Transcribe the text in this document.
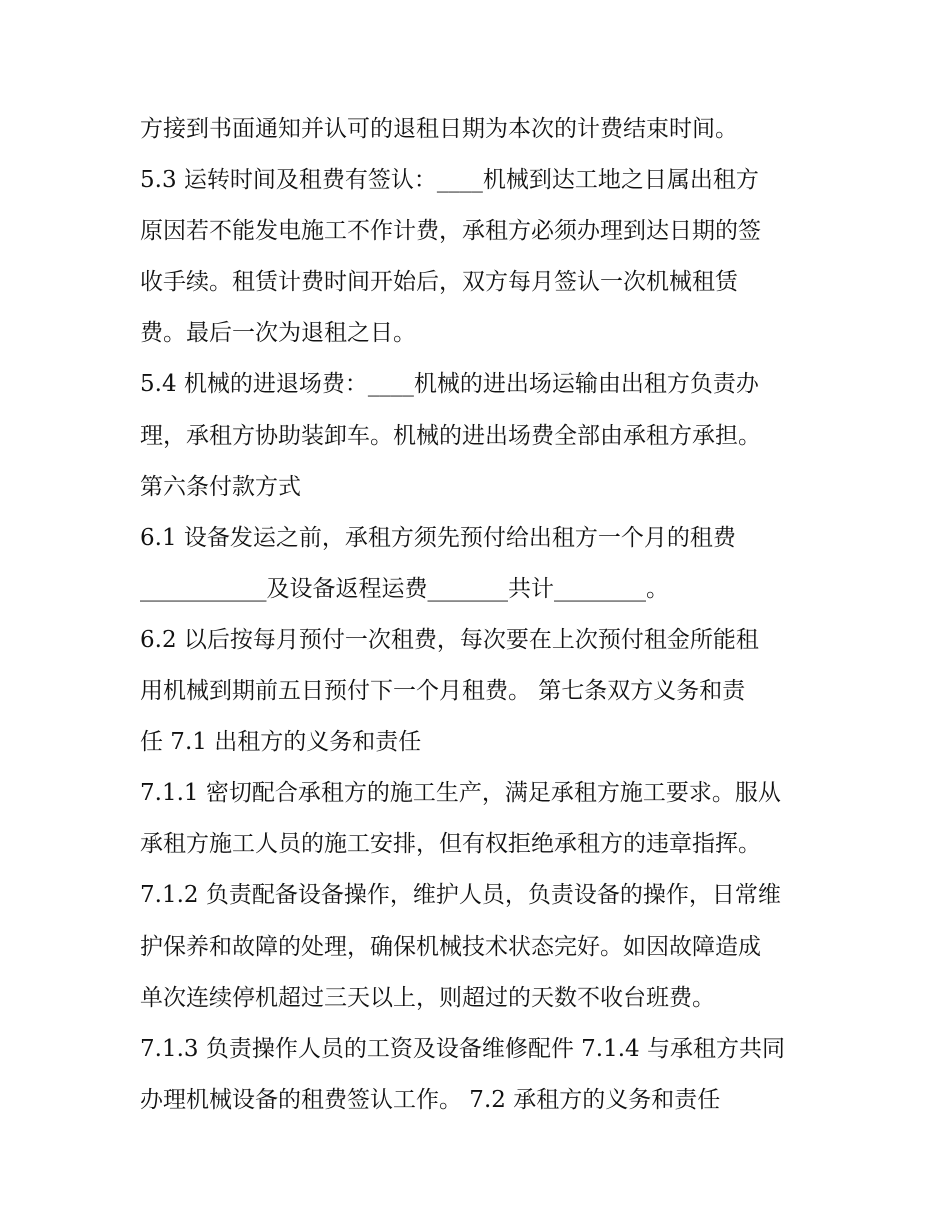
方接到书面通知并认可的退租日期为本次的计费结束时间。
5.3 运转时间及租费有签认：____机械到达工地之日属出租方
原因若不能发电施工不作计费，承租方必须办理到达日期的签
收手续。租赁计费时间开始后，双方每月签认一次机械租赁
费。最后一次为退租之日。
5.4 机械的进退场费：____机械的进出场运输由出租方负责办
理，承租方协助装卸车。机械的进出场费全部由承租方承担。
第六条付款方式
6.1 设备发运之前，承租方须先预付给出租方一个月的租费
___________及设备返程运费_______共计________。
6.2 以后按每月预付一次租费，每次要在上次预付租金所能租
用机械到期前五日预付下一个月租费。 第七条双方义务和责
任 7.1 出租方的义务和责任
7.1.1 密切配合承租方的施工生产，满足承租方施工要求。服从
承租方施工人员的施工安排，但有权拒绝承租方的违章指挥。
7.1.2 负责配备设备操作，维护人员，负责设备的操作，日常维
护保养和故障的处理，确保机械技术状态完好。如因故障造成
单次连续停机超过三天以上，则超过的天数不收台班费。
7.1.3 负责操作人员的工资及设备维修配件 7.1.4 与承租方共同
办理机械设备的租费签认工作。 7.2 承租方的义务和责任
